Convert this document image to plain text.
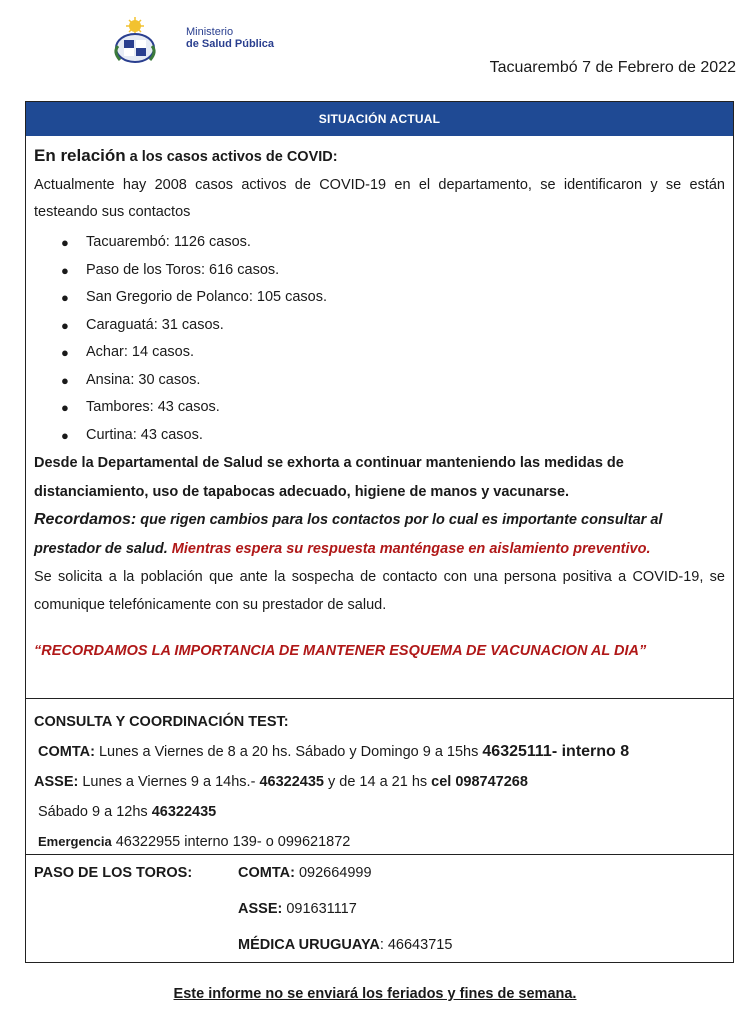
Ministerio
de Salud Pública
Tacuarembó 7 de Febrero de 2022
SITUACIÓN ACTUAL

En relación a los casos activos de COVID:

Actualmente hay 2008 casos activos de COVID-19 en el departamento, se identificaron y se están testeando sus contactos

● Tacuarembó: 1126 casos.
● Paso de los Toros: 616 casos.
● San Gregorio de Polanco: 105 casos.
● Caraguatá: 31 casos.
● Achar: 14 casos.
● Ansina: 30 casos.
● Tambores: 43 casos.
● Curtina: 43 casos.

Desde la Departamental de Salud se exhorta a continuar manteniendo las medidas de distanciamiento, uso de tapabocas adecuado, higiene de manos y vacunarse.

Recordamos: que rigen cambios para los contactos por lo cual es importante consultar al prestador de salud. Mientras espera su respuesta manténgase en aislamiento preventivo.

Se solicita a la población que ante la sospecha de contacto con una persona positiva a COVID-19, se comunique telefónicamente con su prestador de salud.

“RECORDAMOS LA IMPORTANCIA DE MANTENER ESQUEMA DE VACUNACION AL DIA”

CONSULTA Y COORDINACIÓN TEST:
COMTA: Lunes a Viernes de 8 a 20 hs. Sábado y Domingo 9 a 15hs 46325111- interno 8
ASSE: Lunes a Viernes 9 a 14hs.- 46322435 y de 14 a 21 hs cel 098747268
Sábado 9 a 12hs 46322435
Emergencia 46322955 interno 139- o 099621872
PASO DE LOS TOROS:	COMTA: 092664999
ASSE: 091631117
MÉDICA URUGUAYA: 46643715
Este informe no se enviará los feriados y fines de semana.
